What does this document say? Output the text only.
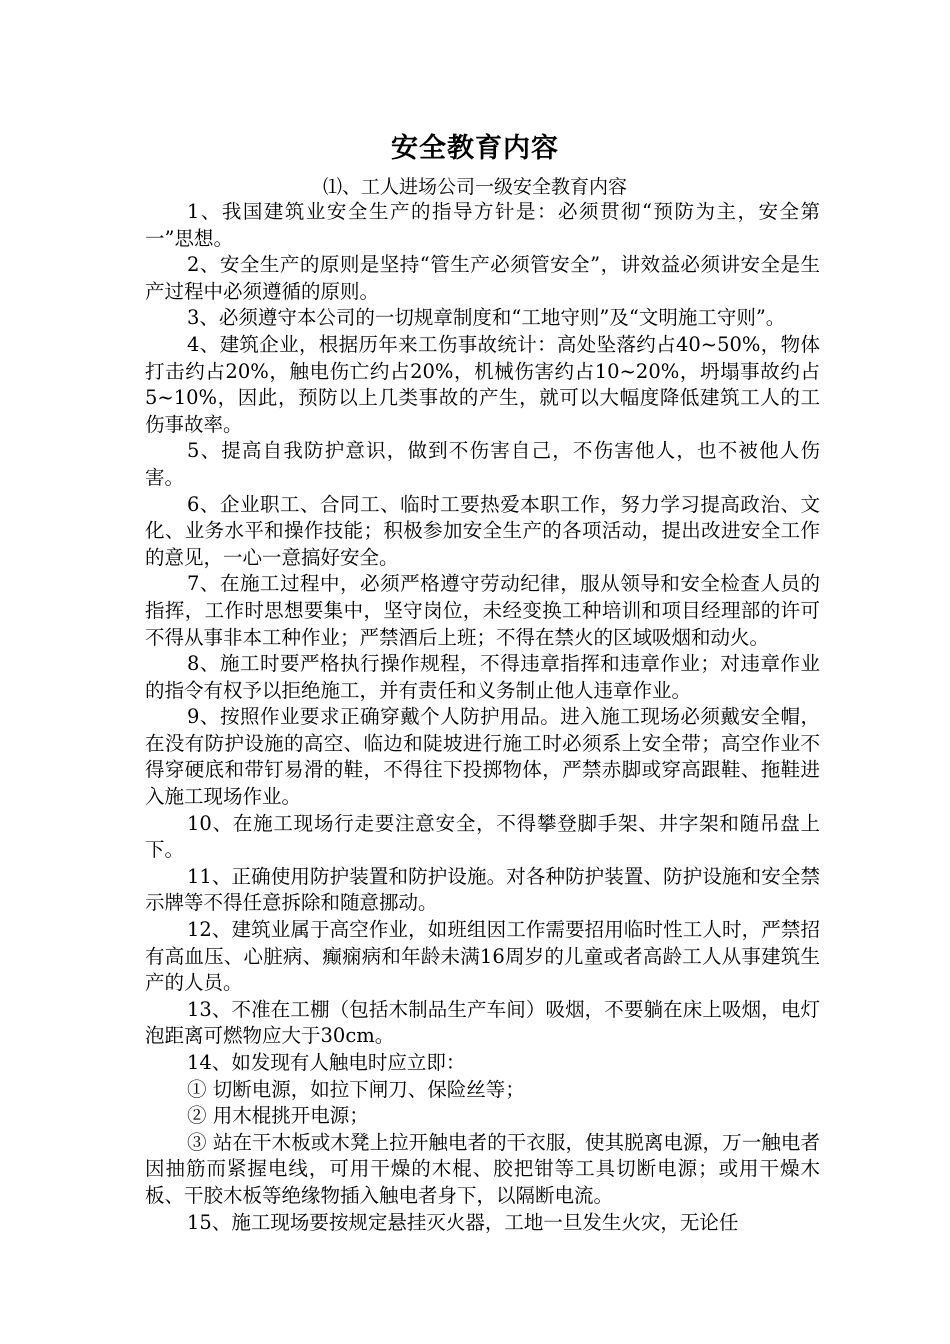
安全教育内容
⑴、工人进场公司一级安全教育内容

1、我国建筑业安全生产的指导方针是：必须贯彻“预防为主，安全第一”思想。

2、安全生产的原则是坚持“管生产必须管安全”，讲效益必须讲安全是生产过程中必须遵循的原则。

3、必须遵守本公司的一切规章制度和“工地守则”及“文明施工守则”。

4、建筑企业，根据历年来工伤事故统计：高处坠落约占40~50%，物体打击约占20%，触电伤亡约占20%，机械伤害约占10~20%，坍塌事故约占5~10%，因此，预防以上几类事故的产生，就可以大幅度降低建筑工人的工伤事故率。

5、提高自我防护意识，做到不伤害自己，不伤害他人，也不被他人伤害。

6、企业职工、合同工、临时工要热爱本职工作，努力学习提高政治、文化、业务水平和操作技能；积极参加安全生产的各项活动，提出改进安全工作的意见，一心一意搞好安全。

7、在施工过程中，必须严格遵守劳动纪律，服从领导和安全检查人员的指挥，工作时思想要集中，坚守岗位，未经变换工种培训和项目经理部的许可不得从事非本工种作业；严禁酒后上班；不得在禁火的区域吸烟和动火。

8、施工时要严格执行操作规程，不得违章指挥和违章作业；对违章作业的指令有权予以拒绝施工，并有责任和义务制止他人违章作业。

9、按照作业要求正确穿戴个人防护用品。进入施工现场必须戴安全帽，在没有防护设施的高空、临边和陡坡进行施工时必须系上安全带；高空作业不得穿硬底和带钉易滑的鞋，不得往下投掷物体，严禁赤脚或穿高跟鞋、拖鞋进入施工现场作业。

10、在施工现场行走要注意安全，不得攀登脚手架、井字架和随吊盘上下。

11、正确使用防护装置和防护设施。对各种防护装置、防护设施和安全禁示牌等不得任意拆除和随意挪动。

12、建筑业属于高空作业，如班组因工作需要招用临时性工人时，严禁招有高血压、心脏病、癫痫病和年龄未满16周岁的儿童或者高龄工人从事建筑生产的人员。

13、不准在工棚（包括木制品生产车间）吸烟，不要躺在床上吸烟，电灯泡距离可燃物应大于30cm。

14、如发现有人触电时应立即：

① 切断电源，如拉下闸刀、保险丝等；

② 用木棍挑开电源；

③ 站在干木板或木凳上拉开触电者的干衣服，使其脱离电源，万一触电者因抽筋而紧握电线，可用干燥的木棍、胶把钳等工具切断电源；或用干燥木板、干胶木板等绝缘物插入触电者身下，以隔断电流。

15、施工现场要按规定悬挂灭火器，工地一旦发生火灾，无论任
